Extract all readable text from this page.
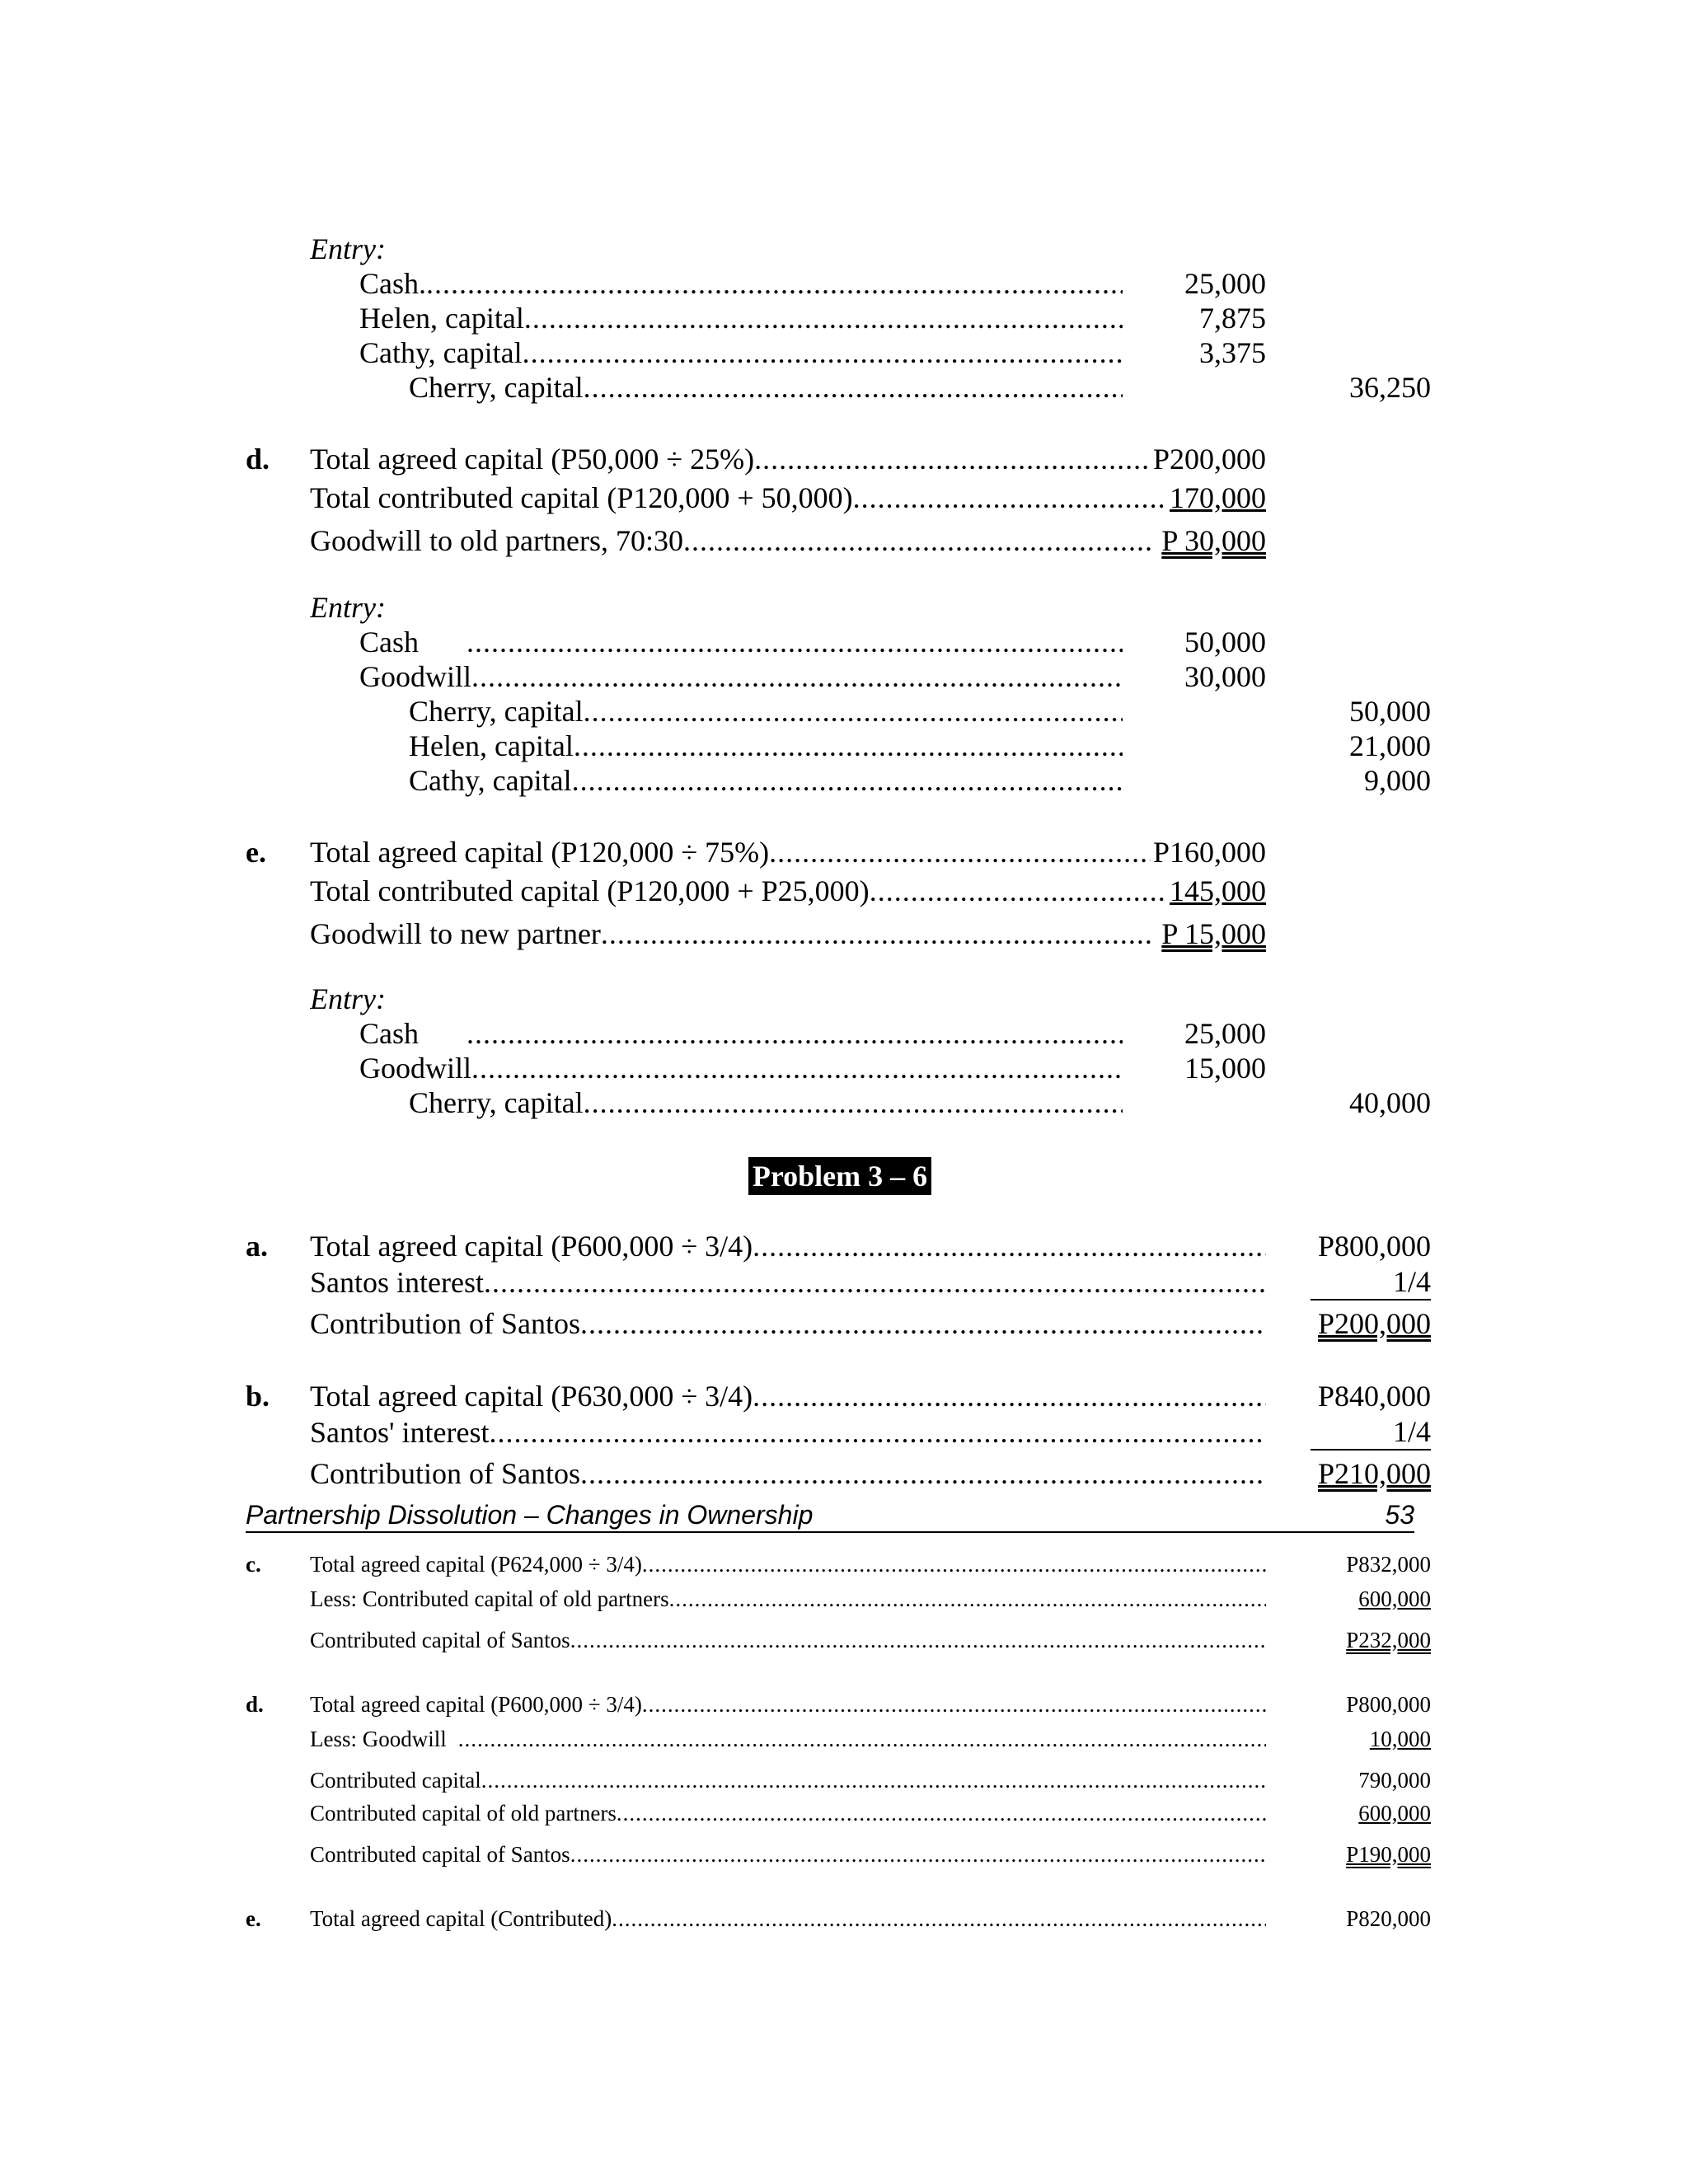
Entry:
Cash. .....	25,000
Helen, capital .....	7,875
Cathy, capital .....	3,375
Cherry, capital .....	36,250
d. Total agreed capital (P50,000 ÷ 25%) .....	P200,000
Total contributed capital (P120,000 + 50,000) .....	170,000
Goodwill to old partners, 70:30 .....	P 30,000
Entry:
Cash .....	50,000
Goodwill .....	30,000
Cherry, capital .....	50,000
Helen, capital .....	21,000
Cathy, capital .....	9,000
e. Total agreed capital (P120,000 ÷ 75%) .....	P160,000
Total contributed capital (P120,000 + P25,000) .....	145,000
Goodwill to new partner .....	P 15,000
Entry:
Cash .....	25,000
Goodwill .....	15,000
Cherry, capital .....	40,000
Problem 3 – 6
a. Total agreed capital (P600,000 ÷ 3/4) .....	P800,000
Santos interest .....	1/4
Contribution of Santos .....	P200,000
b. Total agreed capital (P630,000 ÷ 3/4) .....	P840,000
Santos' interest .....	1/4
Contribution of Santos .....	P210,000
Partnership Dissolution – Changes in Ownership	53
c. Total agreed capital (P624,000 ÷ 3/4) .....	P832,000
Less: Contributed capital of old partners .....	600,000
Contributed capital of Santos .....	P232,000
d. Total agreed capital (P600,000 ÷ 3/4) .....	P800,000
Less: Goodwill .....	10,000
Contributed capital .....	790,000
Contributed capital of old partners .....	600,000
Contributed capital of Santos .....	P190,000
e. Total agreed capital (Contributed) .....	P820,000
